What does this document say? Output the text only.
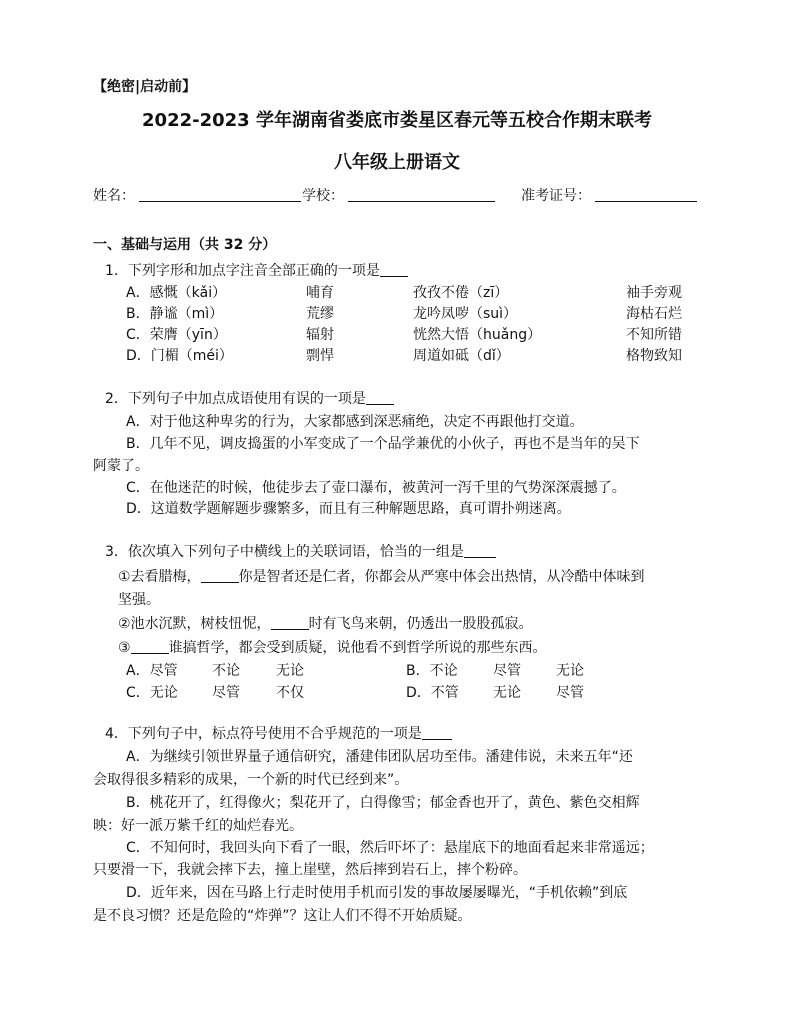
【绝密|启动前】
2022-2023 学年湖南省娄底市娄星区春元等五校合作期末联考
八年级上册语文
姓名：	学校：	准考证号：
一、基础与运用（共 32 分）
1．下列字形和加点字注音全部正确的一项是
A．感慨（kǎi）	哺育	孜孜不倦（zī）	袖手旁观
B．静谧（mì）	荒缪	龙吟凤哕（suì）	海枯石烂
C．荣膺（yīn）	辐射	恍然大悟（huǎng）	不知所错
D．门楣（méi）	剽悍	周道如砥（dǐ）	格物致知
2．下列句子中加点成语使用有误的一项是
A．对于他这种卑劣的行为，大家都感到深恶痛绝，决定不再跟他打交道。
B．几年不见，调皮捣蛋的小军变成了一个品学兼优的小伙子，再也不是当年的吴下
阿蒙了。
C．在他迷茫的时候，他徒步去了壶口瀑布，被黄河一泻千里的气势深深震撼了。
D．这道数学题解题步骤繁多，而且有三种解题思路，真可谓扑朔迷离。
3．依次填入下列句子中横线上的关联词语，恰当的一组是
①去看腊梅，	你是智者还是仁者，你都会从严寒中体会出热情，从冷酷中体味到
坚强。
②池水沉默，树枝忸怩，	时有飞鸟来朝，仍透出一股股孤寂。
③	谁搞哲学，都会受到质疑，说他看不到哲学所说的那些东西。
A．尽管 不论	无论	B．不论	尽管	无论
C．无论 尽管	不仅	D．不管 无论	尽管
4．下列句子中，标点符号使用不合乎规范的一项是
A．为继续引领世界量子通信研究，潘建伟团队居功至伟。潘建伟说，未来五年“还
会取得很多精彩的成果，一个新的时代已经到来”。
B．桃花开了，红得像火；梨花开了，白得像雪；郁金香也开了，黄色、紫色交相辉
映：好一派万紫千红的灿烂春光。
C．不知何时，我回头向下看了一眼，然后吓坏了：悬崖底下的地面看起来非常遥远；
只要滑一下，我就会摔下去，撞上崖壁，然后摔到岩石上，摔个粉碎。
D．近年来，因在马路上行走时使用手机而引发的事故屡屡曝光，“手机依赖”到底
是不良习惯？还是危险的“炸弹”？这让人们不得不开始质疑。
